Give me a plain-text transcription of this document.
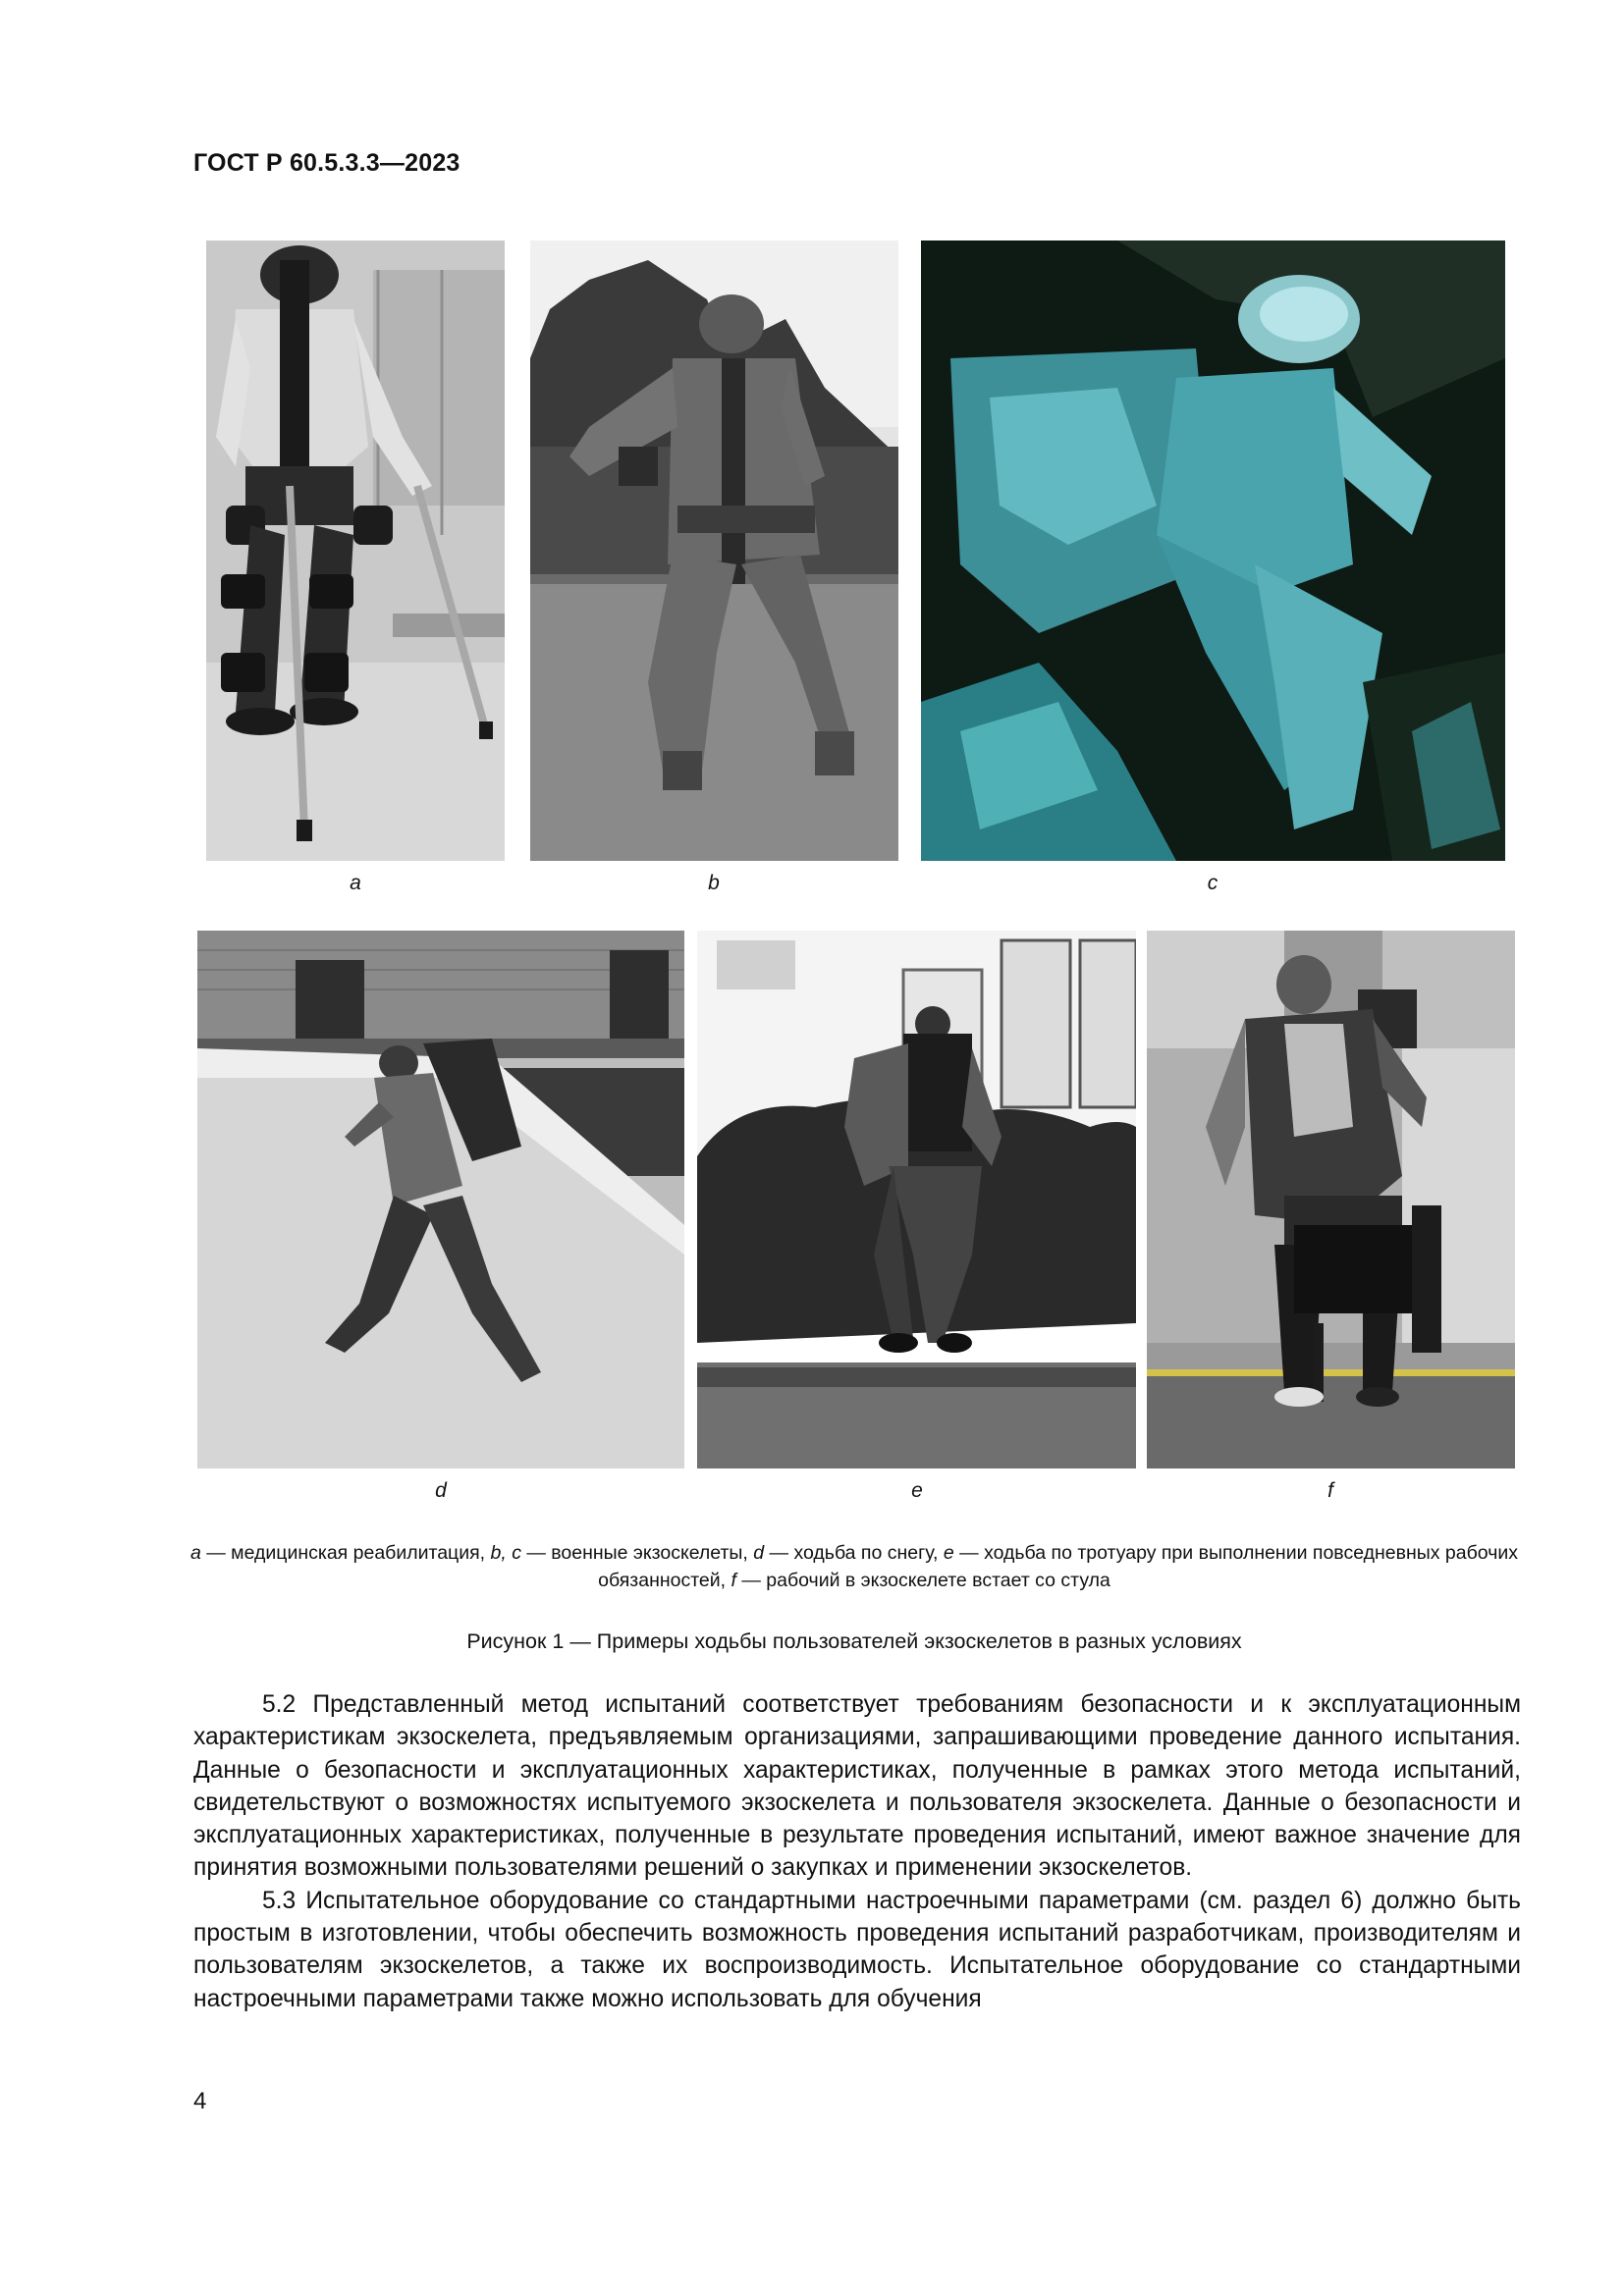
ГОСТ Р 60.5.3.3—2023
a	b	c
d	e	f
a — медицинская реабилитация, b, c — военные экзоскелеты, d — ходьба по снегу, e — ходьба по тротуару при выполнении повседневных рабочих обязанностей, f — рабочий в экзоскелете встает со стула
Рисунок 1 — Примеры ходьбы пользователей экзоскелетов в разных условиях

5.2 Представленный метод испытаний соответствует требованиям безопасности и к эксплуатационным характеристикам экзоскелета, предъявляемым организациями, запрашивающими проведение данного испытания. Данные о безопасности и эксплуатационных характеристиках, полученные в рамках этого метода испытаний, свидетельствуют о возможностях испытуемого экзоскелета и пользователя экзоскелета. Данные о безопасности и эксплуатационных характеристиках, полученные в результате проведения испытаний, имеют важное значение для принятия возможными пользователями решений о закупках и применении экзоскелетов.

5.3 Испытательное оборудование со стандартными настроечными параметрами (см. раздел 6) должно быть простым в изготовлении, чтобы обеспечить возможность проведения испытаний разработчикам, производителям и пользователям экзоскелетов, а также их воспроизводимость. Испытательное оборудование со стандартными настроечными параметрами также можно использовать для обучения

4
